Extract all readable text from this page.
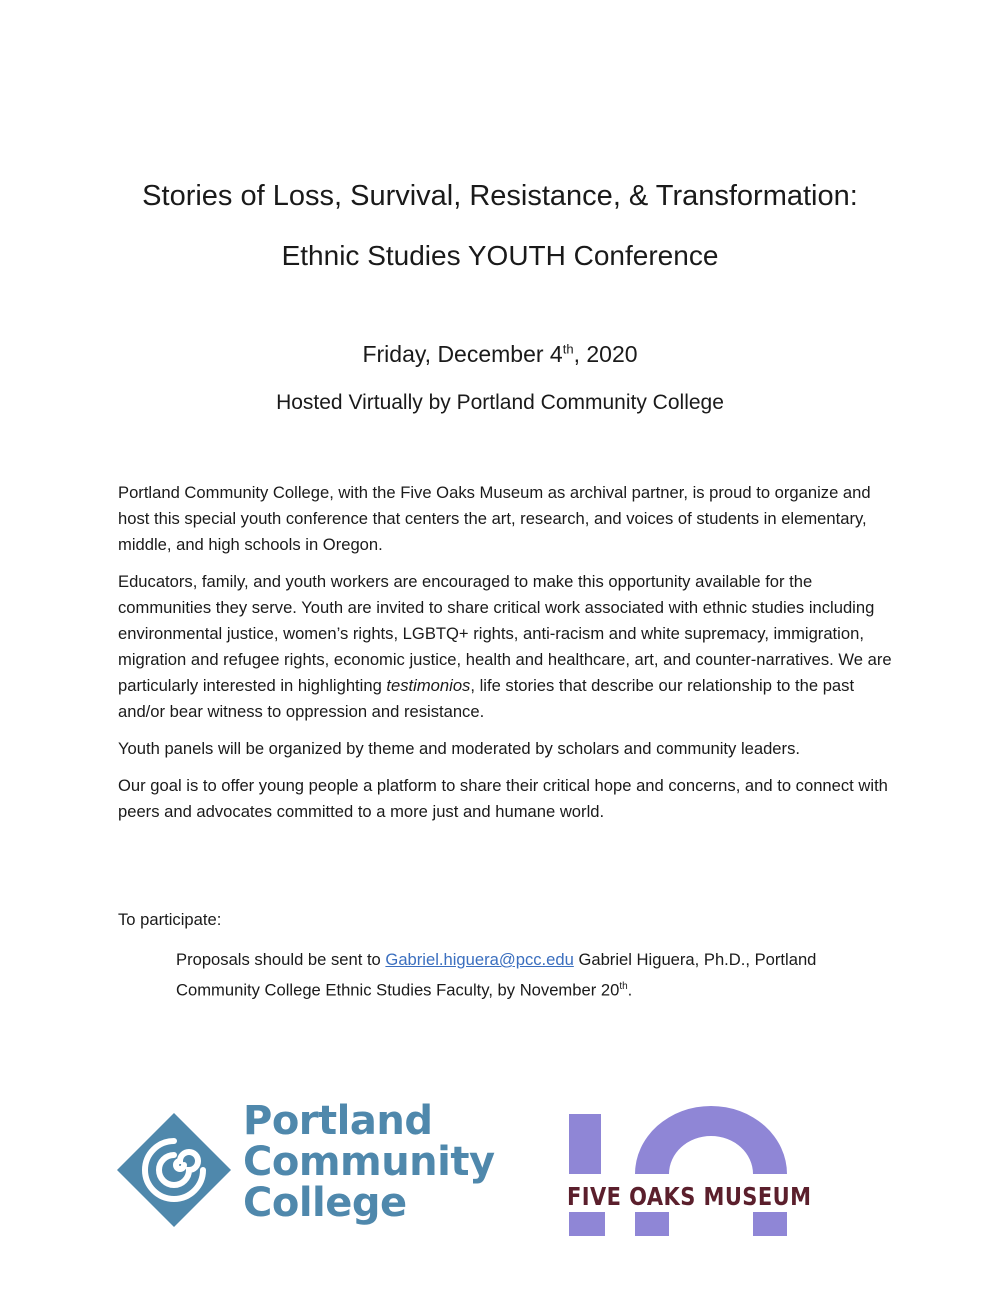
Stories of Loss, Survival, Resistance, & Transformation:
Ethnic Studies YOUTH Conference
Friday, December 4th, 2020
Hosted Virtually by Portland Community College

Portland Community College, with the Five Oaks Museum as archival partner, is proud to organize and host this special youth conference that centers the art, research, and voices of students in elementary, middle, and high schools in Oregon.

Educators, family, and youth workers are encouraged to make this opportunity available for the communities they serve. Youth are invited to share critical work associated with ethnic studies including environmental justice, women’s rights, LGBTQ+ rights, anti-racism and white supremacy, immigration, migration and refugee rights, economic justice, health and healthcare, art, and counter-narratives. We are particularly interested in highlighting testimonios, life stories that describe our relationship to the past and/or bear witness to oppression and resistance.

Youth panels will be organized by theme and moderated by scholars and community leaders.

Our goal is to offer young people a platform to share their critical hope and concerns, and to connect with peers and advocates committed to a more just and humane world.

To participate:
Proposals should be sent to Gabriel.higuera@pcc.edu Gabriel Higuera, Ph.D., Portland Community College Ethnic Studies Faculty, by November 20th.
Portland
Community
College	FIVE OAKS MUSEUM
